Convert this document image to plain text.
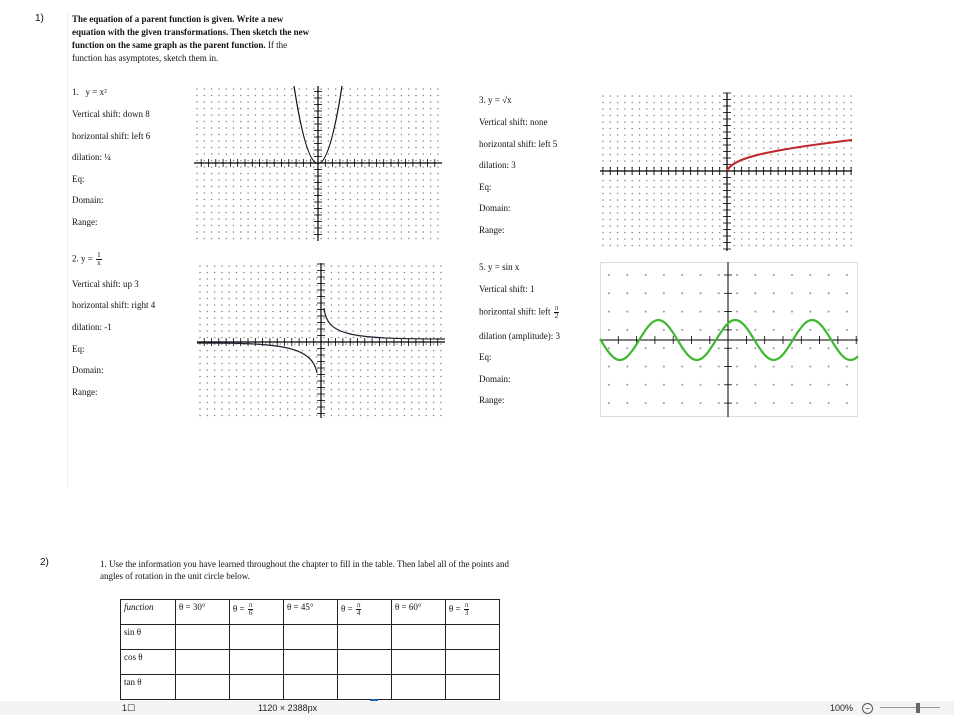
1)	The equation of a parent function is given. Write a new equation with the given transformations. Then sketch the new function on the same graph as the parent function. If the function has asymptotes, sketch them in.
1. y = x²
Vertical shift: down 8
horizontal shift: left 6
dilation: ¼
Eq:
Domain:
Range:
2. $y = \frac{1}{x}$
Vertical shift: up 3
horizontal shift: right 4
dilation: -1
Eq:
Domain:
Range:
3. y = √x
Vertical shift: none
horizontal shift: left 5
dilation: 3
Eq:
Domain:
Range:
5. y = sin x
Vertical shift: 1
horizontal shift: left $\frac{\pi}{2}$
dilation (amplitude): 3
Eq:
Domain:
Range:
2)	1. Use the information you have learned throughout the chapter to fill in the table. Then label all of the points and angles of rotation in the unit circle below.
function	θ = 30°	$\theta = \frac{\pi}{6}$	θ = 45°	$\theta = \frac{\pi}{4}$	θ = 60°	$\theta = \frac{\pi}{3}$

sin θ						
cos θ						
tan θ						
1☐	1120 × 2388px	100%	−
